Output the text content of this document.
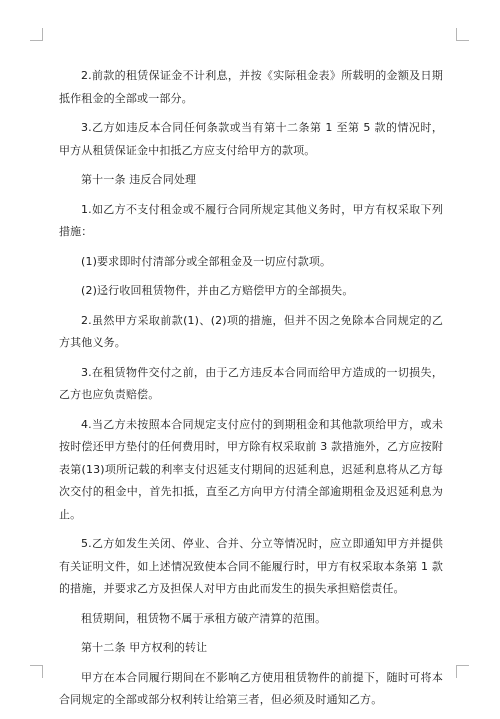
2.前款的租赁保证金不计利息，并按《实际租金表》所载明的金额及日期抵作租金的全部或一部分。

3.乙方如违反本合同任何条款或当有第十二条第 1 至第 5 款的情况时，甲方从租赁保证金中扣抵乙方应支付给甲方的款项。

第十一条 违反合同处理

1.如乙方不支付租金或不履行合同所规定其他义务时，甲方有权采取下列措施：

(1)要求即时付清部分或全部租金及一切应付款项。

(2)迳行收回租赁物件，并由乙方赔偿甲方的全部损失。

2.虽然甲方采取前款(1)、(2)项的措施，但并不因之免除本合同规定的乙方其他义务。

3.在租赁物件交付之前，由于乙方违反本合同而给甲方造成的一切损失，乙方也应负责赔偿。

4.当乙方未按照本合同规定支付应付的到期租金和其他款项给甲方，或未按时偿还甲方垫付的任何费用时，甲方除有权采取前 3 款措施外，乙方应按附表第(13)项所记载的利率支付迟延支付期间的迟延利息，迟延利息将从乙方每次交付的租金中，首先扣抵，直至乙方向甲方付清全部逾期租金及迟延利息为止。

5.乙方如发生关闭、停业、合并、分立等情况时，应立即通知甲方并提供有关证明文件，如上述情况致使本合同不能履行时，甲方有权采取本条第 1 款的措施，并要求乙方及担保人对甲方由此而发生的损失承担赔偿责任。

租赁期间，租赁物不属于承租方破产清算的范围。

第十二条 甲方权利的转让

甲方在本合同履行期间在不影响乙方使用租赁物件的前提下，随时可将本合同规定的全部或部分权利转让给第三者，但必须及时通知乙方。
